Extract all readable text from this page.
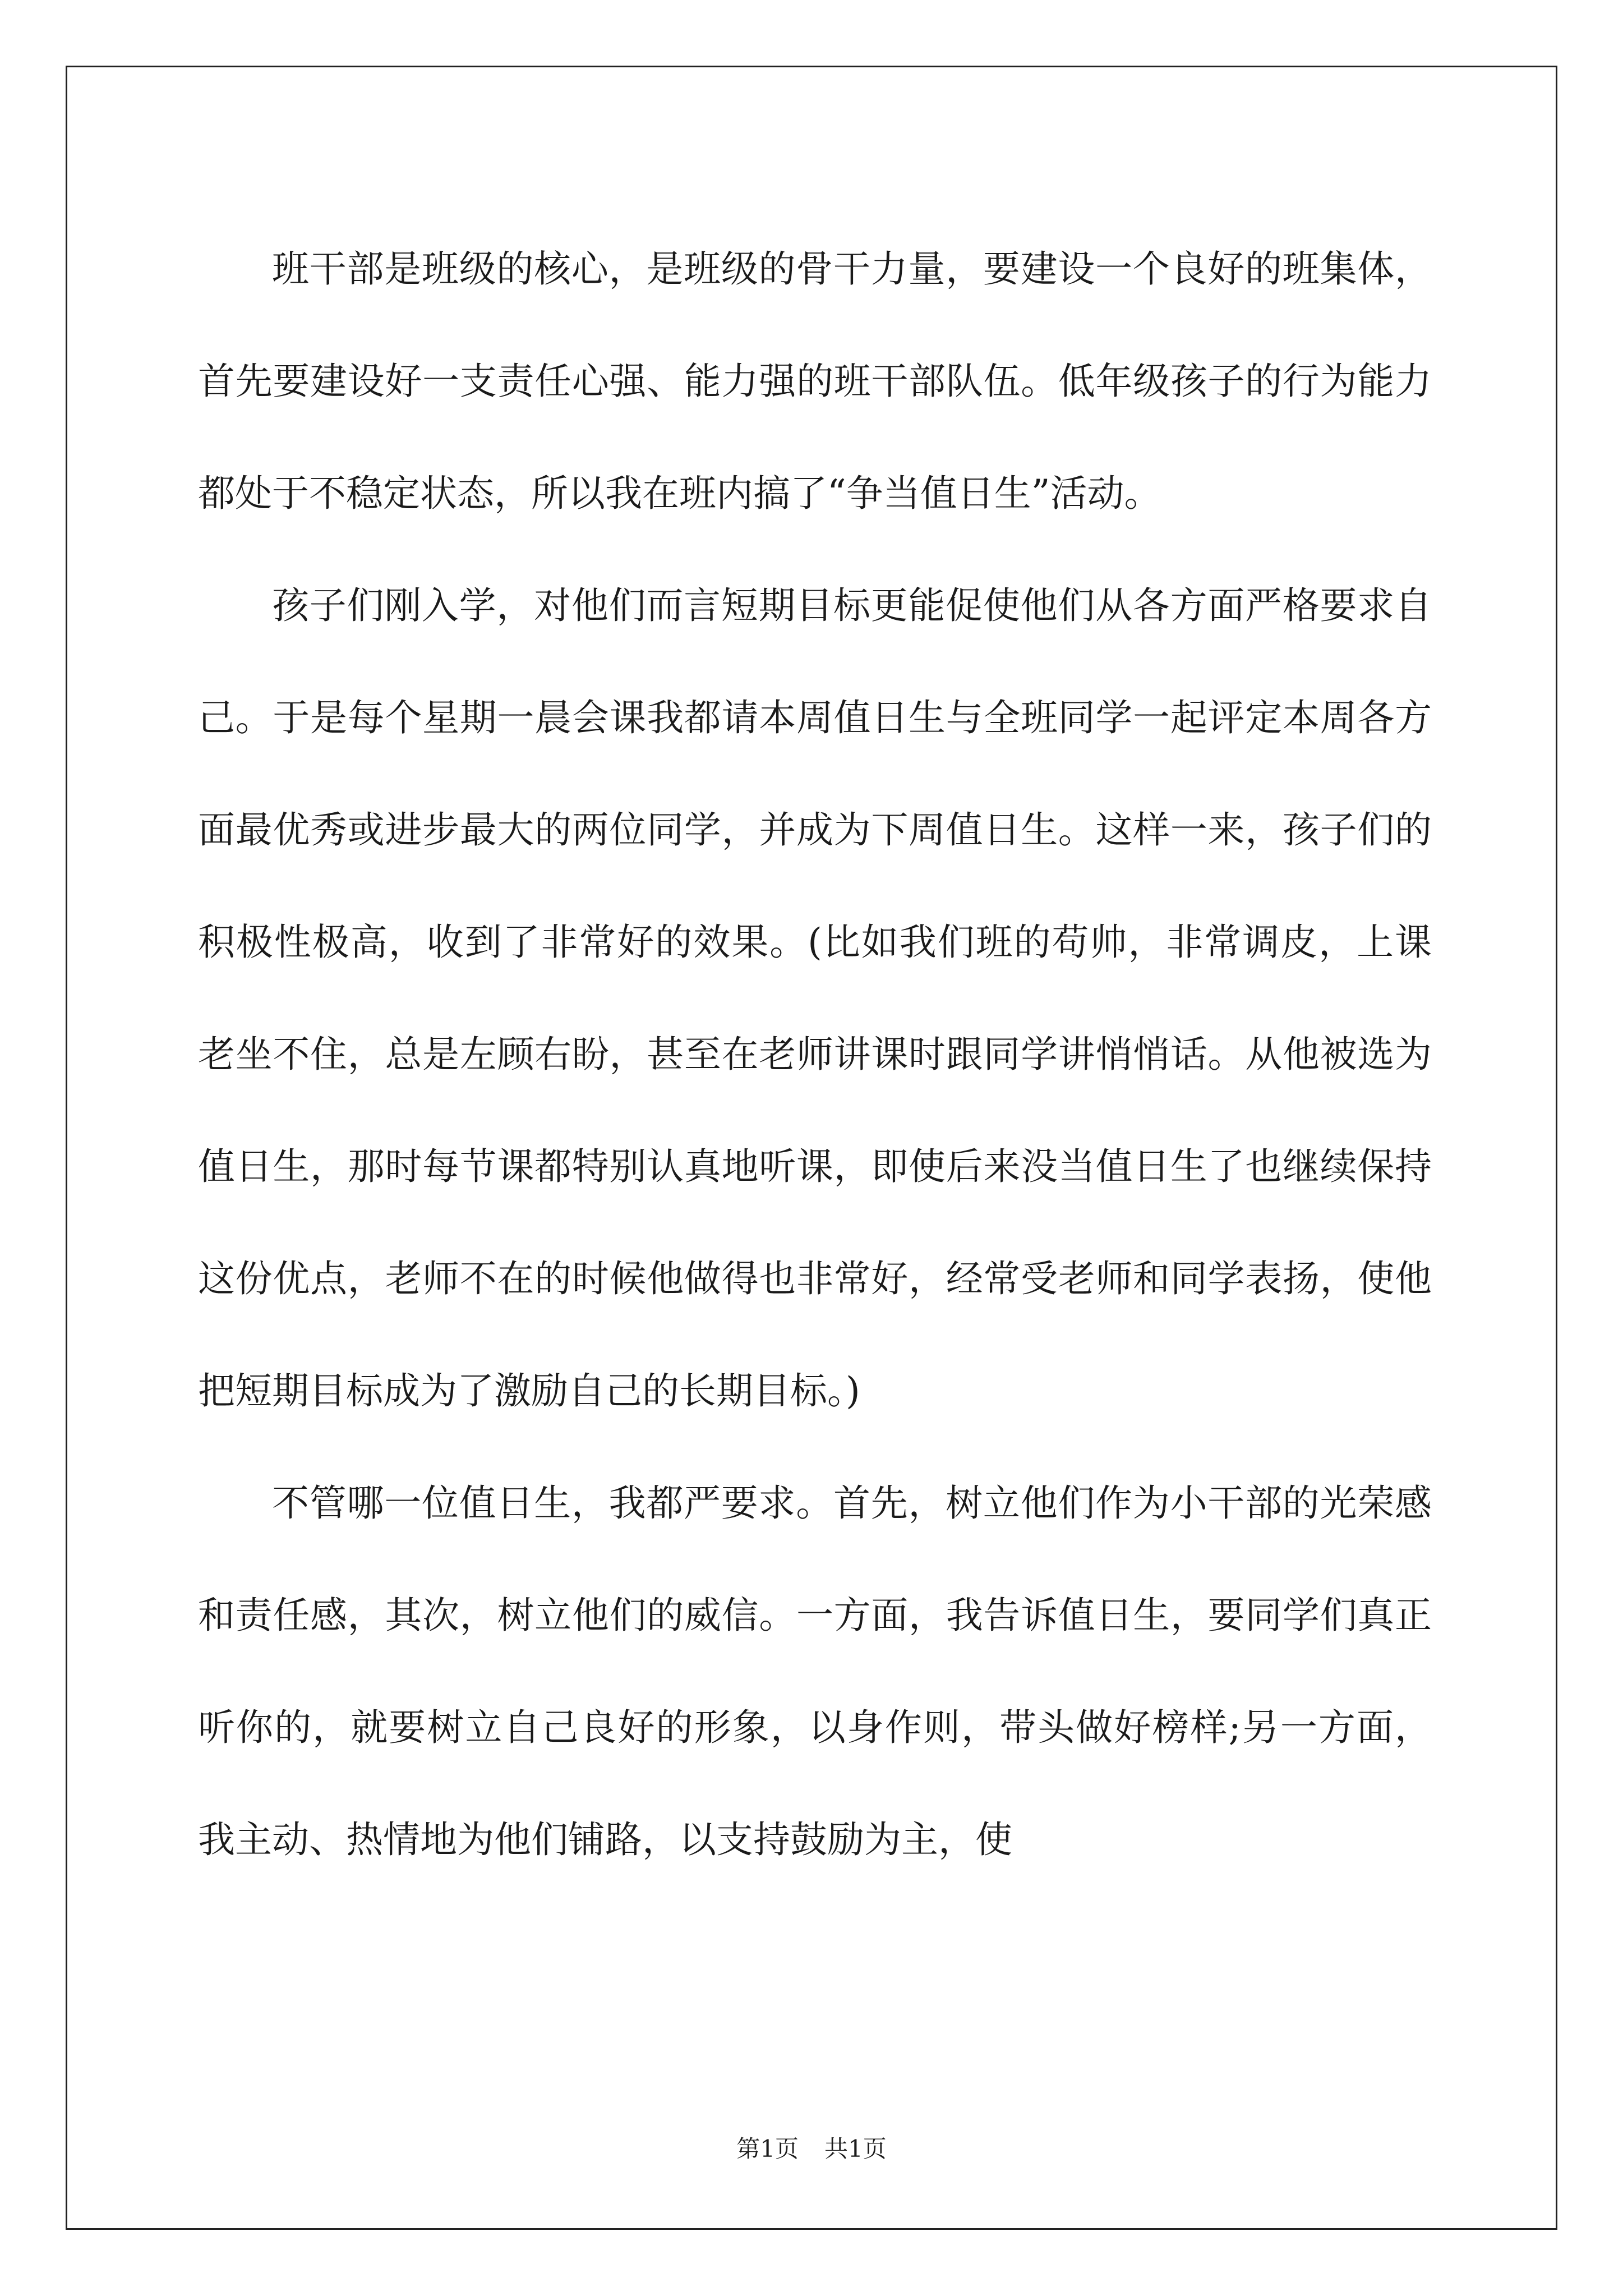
班干部是班级的核心，是班级的骨干力量，要建设一个良好的班集体，首先要建设好一支责任心强、能力强的班干部队伍。低年级孩子的行为能力都处于不稳定状态，所以我在班内搞了“争当值日生”活动。

孩子们刚入学，对他们而言短期目标更能促使他们从各方面严格要求自己。于是每个星期一晨会课我都请本周值日生与全班同学一起评定本周各方面最优秀或进步最大的两位同学，并成为下周值日生。这样一来，孩子们的积极性极高，收到了非常好的效果。(比如我们班的苟帅，非常调皮，上课老坐不住，总是左顾右盼，甚至在老师讲课时跟同学讲悄悄话。从他被选为值日生，那时每节课都特别认真地听课，即使后来没当值日生了也继续保持这份优点，老师不在的时候他做得也非常好，经常受老师和同学表扬，使他把短期目标成为了激励自己的长期目标。)

不管哪一位值日生，我都严要求。首先，树立他们作为小干部的光荣感和责任感，其次，树立他们的威信。一方面，我告诉值日生，要同学们真正听你的，就要树立自己良好的形象，以身作则，带头做好榜样;另一方面，我主动、热情地为他们铺路，以支持鼓励为主，使

第1页 共1页
